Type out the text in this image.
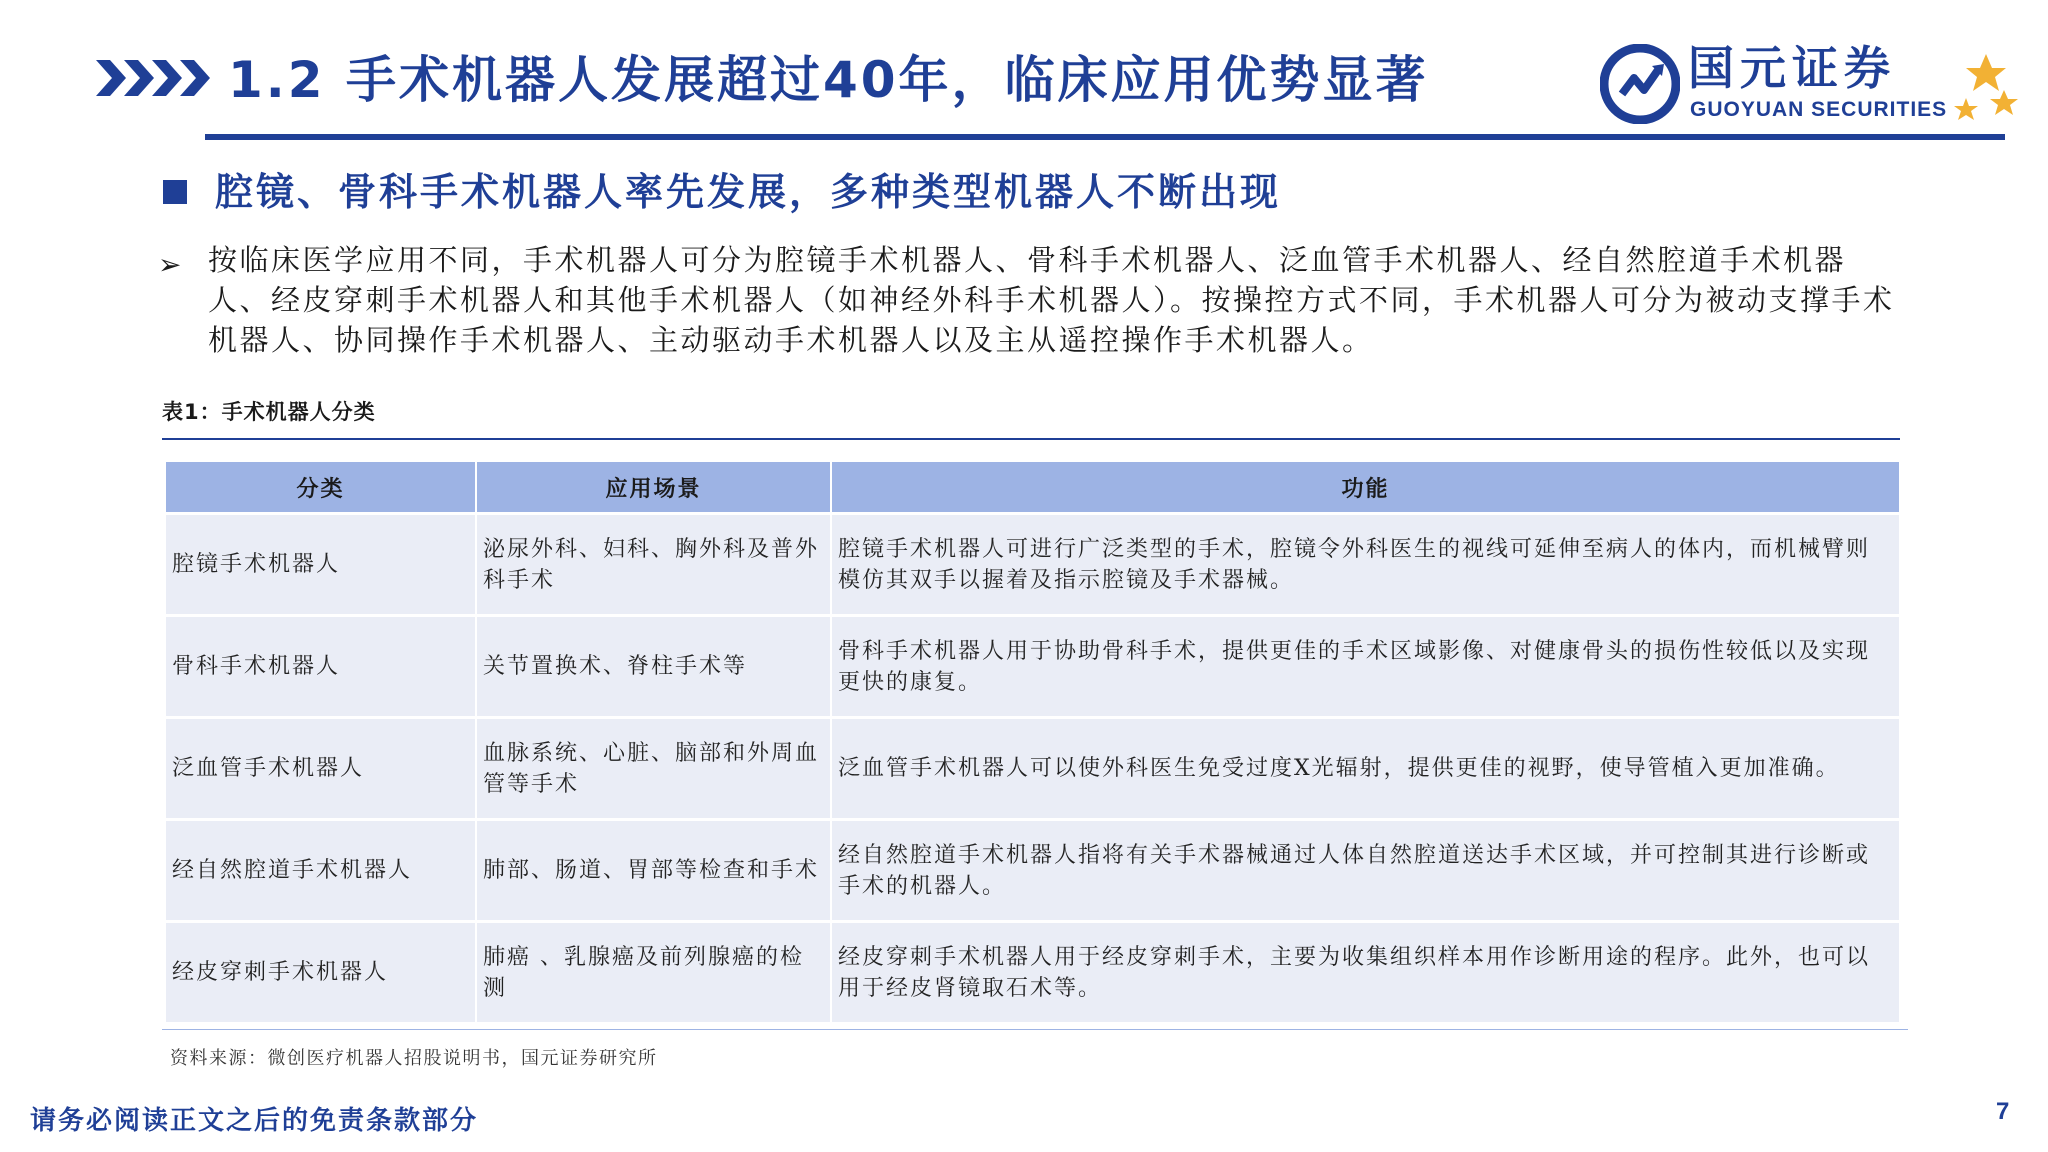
1.2 手术机器人发展超过40年，临床应用优势显著	国元证券
GUOYUAN SECURITIES
腔镜、骨科手术机器人率先发展，多种类型机器人不断出现
➢ 按临床医学应用不同，手术机器人可分为腔镜手术机器人、骨科手术机器人、泛血管手术机器人、经自然腔道手术机器人、经皮穿刺手术机器人和其他手术机器人（如神经外科手术机器人）。按操控方式不同，手术机器人可分为被动支撑手术机器人、协同操作手术机器人、主动驱动手术机器人以及主从遥控操作手术机器人。

表1：手术机器人分类
分类	应用场景	功能
腔镜手术机器人	泌尿外科、妇科、胸外科及普外科手术	腔镜手术机器人可进行广泛类型的手术，腔镜令外科医生的视线可延伸至病人的体内，而机械臂则模仿其双手以握着及指示腔镜及手术器械。
骨科手术机器人	关节置换术、脊柱手术等	骨科手术机器人用于协助骨科手术，提供更佳的手术区域影像、对健康骨头的损伤性较低以及实现更快的康复。
泛血管手术机器人	血脉系统、心脏、脑部和外周血管等手术	泛血管手术机器人可以使外科医生免受过度X光辐射，提供更佳的视野，使导管植入更加准确。
经自然腔道手术机器人	肺部、肠道、胃部等检查和手术	经自然腔道手术机器人指将有关手术器械通过人体自然腔道送达手术区域，并可控制其进行诊断或手术的机器人。
经皮穿刺手术机器人	肺癌 、乳腺癌及前列腺癌的检测	经皮穿刺手术机器人用于经皮穿刺手术，主要为收集组织样本用作诊断用途的程序。此外，也可以用于经皮肾镜取石术等。
资料来源：微创医疗机器人招股说明书，国元证券研究所
请务必阅读正文之后的免责条款部分	7
